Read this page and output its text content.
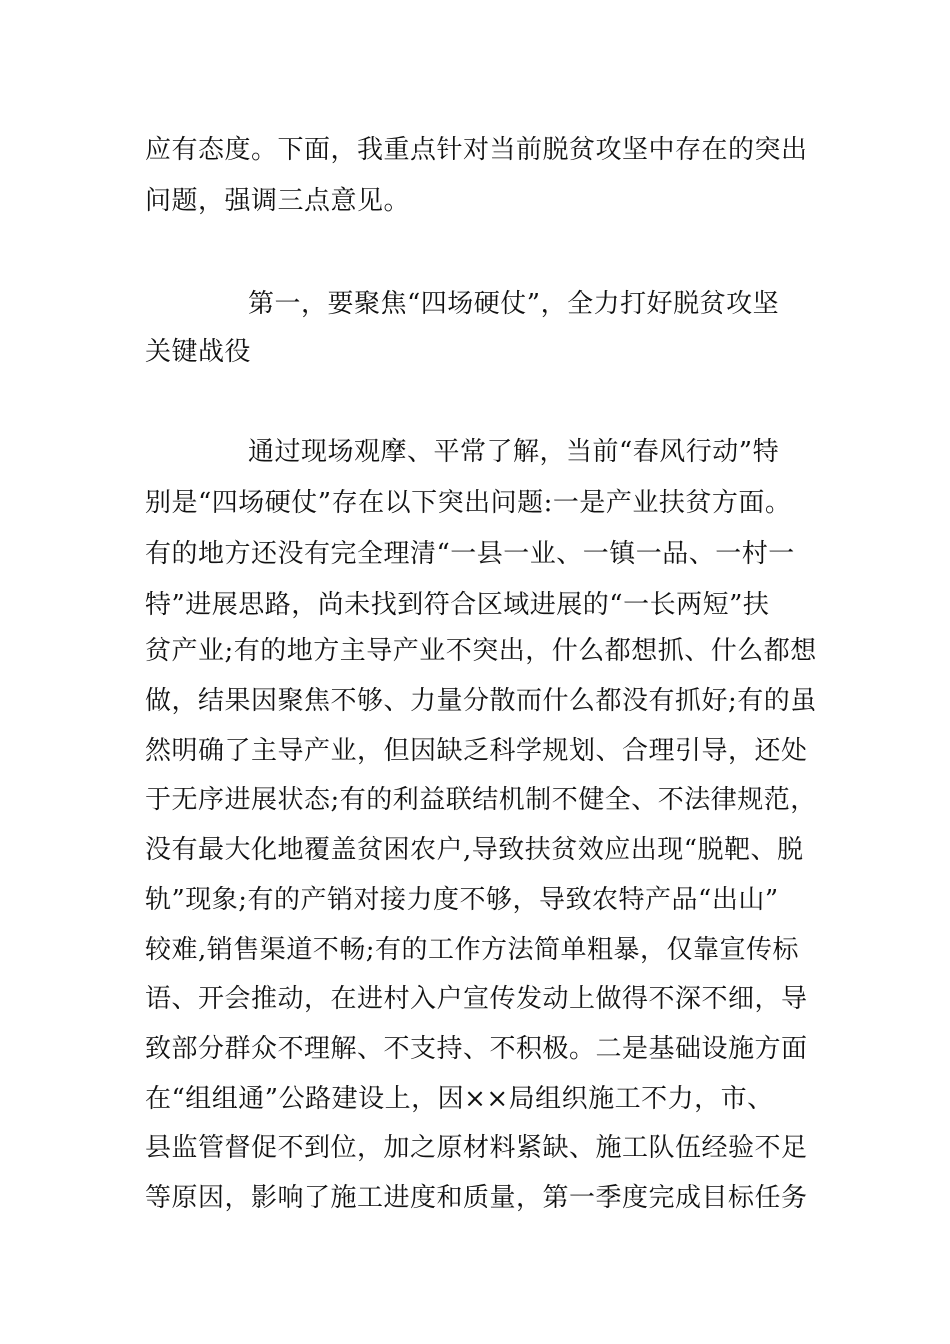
应有态度。下面，我重点针对当前脱贫攻坚中存在的突出
问题，强调三点意见。
第一，要聚焦“四场硬仗”，全力打好脱贫攻坚
关键战役
通过现场观摩、平常了解，当前“春风行动”特
别是“四场硬仗”存在以下突出问题:一是产业扶贫方面。
有的地方还没有完全理清“一县一业、一镇一品、一村一
特”进展思路，尚未找到符合区域进展的“一长两短”扶
贫产业;有的地方主导产业不突出，什么都想抓、什么都想
做，结果因聚焦不够、力量分散而什么都没有抓好;有的虽
然明确了主导产业，但因缺乏科学规划、合理引导，还处
于无序进展状态;有的利益联结机制不健全、不法律规范，
没有最大化地覆盖贫困农户,导致扶贫效应出现“脱靶、脱
轨”现象;有的产销对接力度不够，导致农特产品“出山”
较难,销售渠道不畅;有的工作方法简单粗暴，仅靠宣传标
语、开会推动，在进村入户宣传发动上做得不深不细，导
致部分群众不理解、不支持、不积极。二是基础设施方面
在“组组通”公路建设上，因××局组织施工不力，市、
县监管督促不到位，加之原材料紧缺、施工队伍经验不足
等原因，影响了施工进度和质量，第一季度完成目标任务
